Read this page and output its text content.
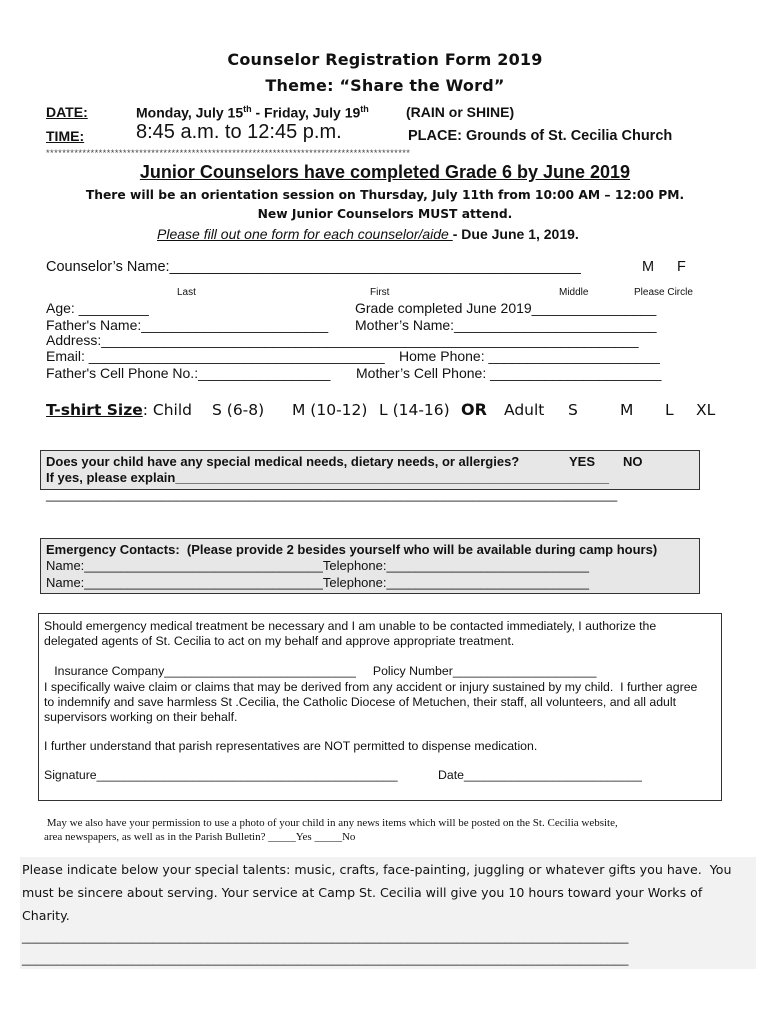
Counselor Registration Form 2019
Theme: “Share the Word”
DATE:	Monday, July 15th - Friday, July 19th	(RAIN or SHINE)
TIME:	8:45 a.m. to 12:45 p.m.	PLACE: Grounds of St. Cecilia Church
******************************************************************************************
Junior Counselors have completed Grade 6 by June 2019
There will be an orientation session on Thursday, July 11th from 10:00 AM – 12:00 PM.
New Junior Counselors MUST attend.
Please fill out one form for each counselor/aide - Due June 1, 2019.
Counselor’s Name:___________________________________________________	M F
Last	First	Middle	Please Circle
Age: _________	Grade completed June 2019________________
Father's Name:________________________ Mother’s Name:__________________________
Address:_____________________________________________________________________
Email: ______________________________________ Home Phone: ______________________
Father's Cell Phone No.:_________________ Mother’s Cell Phone: ______________________
T-shirt Size: Child S (6-8) M (10-12) L (14-16) OR Adult S	M L XL
Does your child have any special medical needs, dietary needs, or allergies?	YES NO
If yes, please explain____________________________________________________________
_______________________________________________________________________________
Emergency Contacts:  (Please provide 2 besides yourself who will be available during camp hours)
Name:_________________________________Telephone:____________________________
Name:_________________________________Telephone:____________________________
Should emergency medical treatment be necessary and I am unable to be contacted immediately, I authorize the
delegated agents of St. Cecilia to act on my behalf and approve appropriate treatment.
Insurance Company____________________________     Policy Number_____________________
I specifically waive claim or claims that may be derived from any accident or injury sustained by my child.  I further agree
to indemnify and save harmless St .Cecilia, the Catholic Diocese of Metuchen, their staff, all volunteers, and all adult
supervisors working on their behalf.
I further understand that parish representatives are NOT permitted to dispense medication.
Signature____________________________________________	Date__________________________
May we also have your permission to use a photo of your child in any news items which will be posted on the St. Cecilia website,
area newspapers, as well as in the Parish Bulletin? _____Yes _____No
Please indicate below your special talents: music, crafts, face-painting, juggling or whatever gifts you have.  You
must be sincere about serving. Your service at Camp St. Cecilia will give you 10 hours toward your Works of
Charity.
________________________________________________________________________________________
________________________________________________________________________________________
